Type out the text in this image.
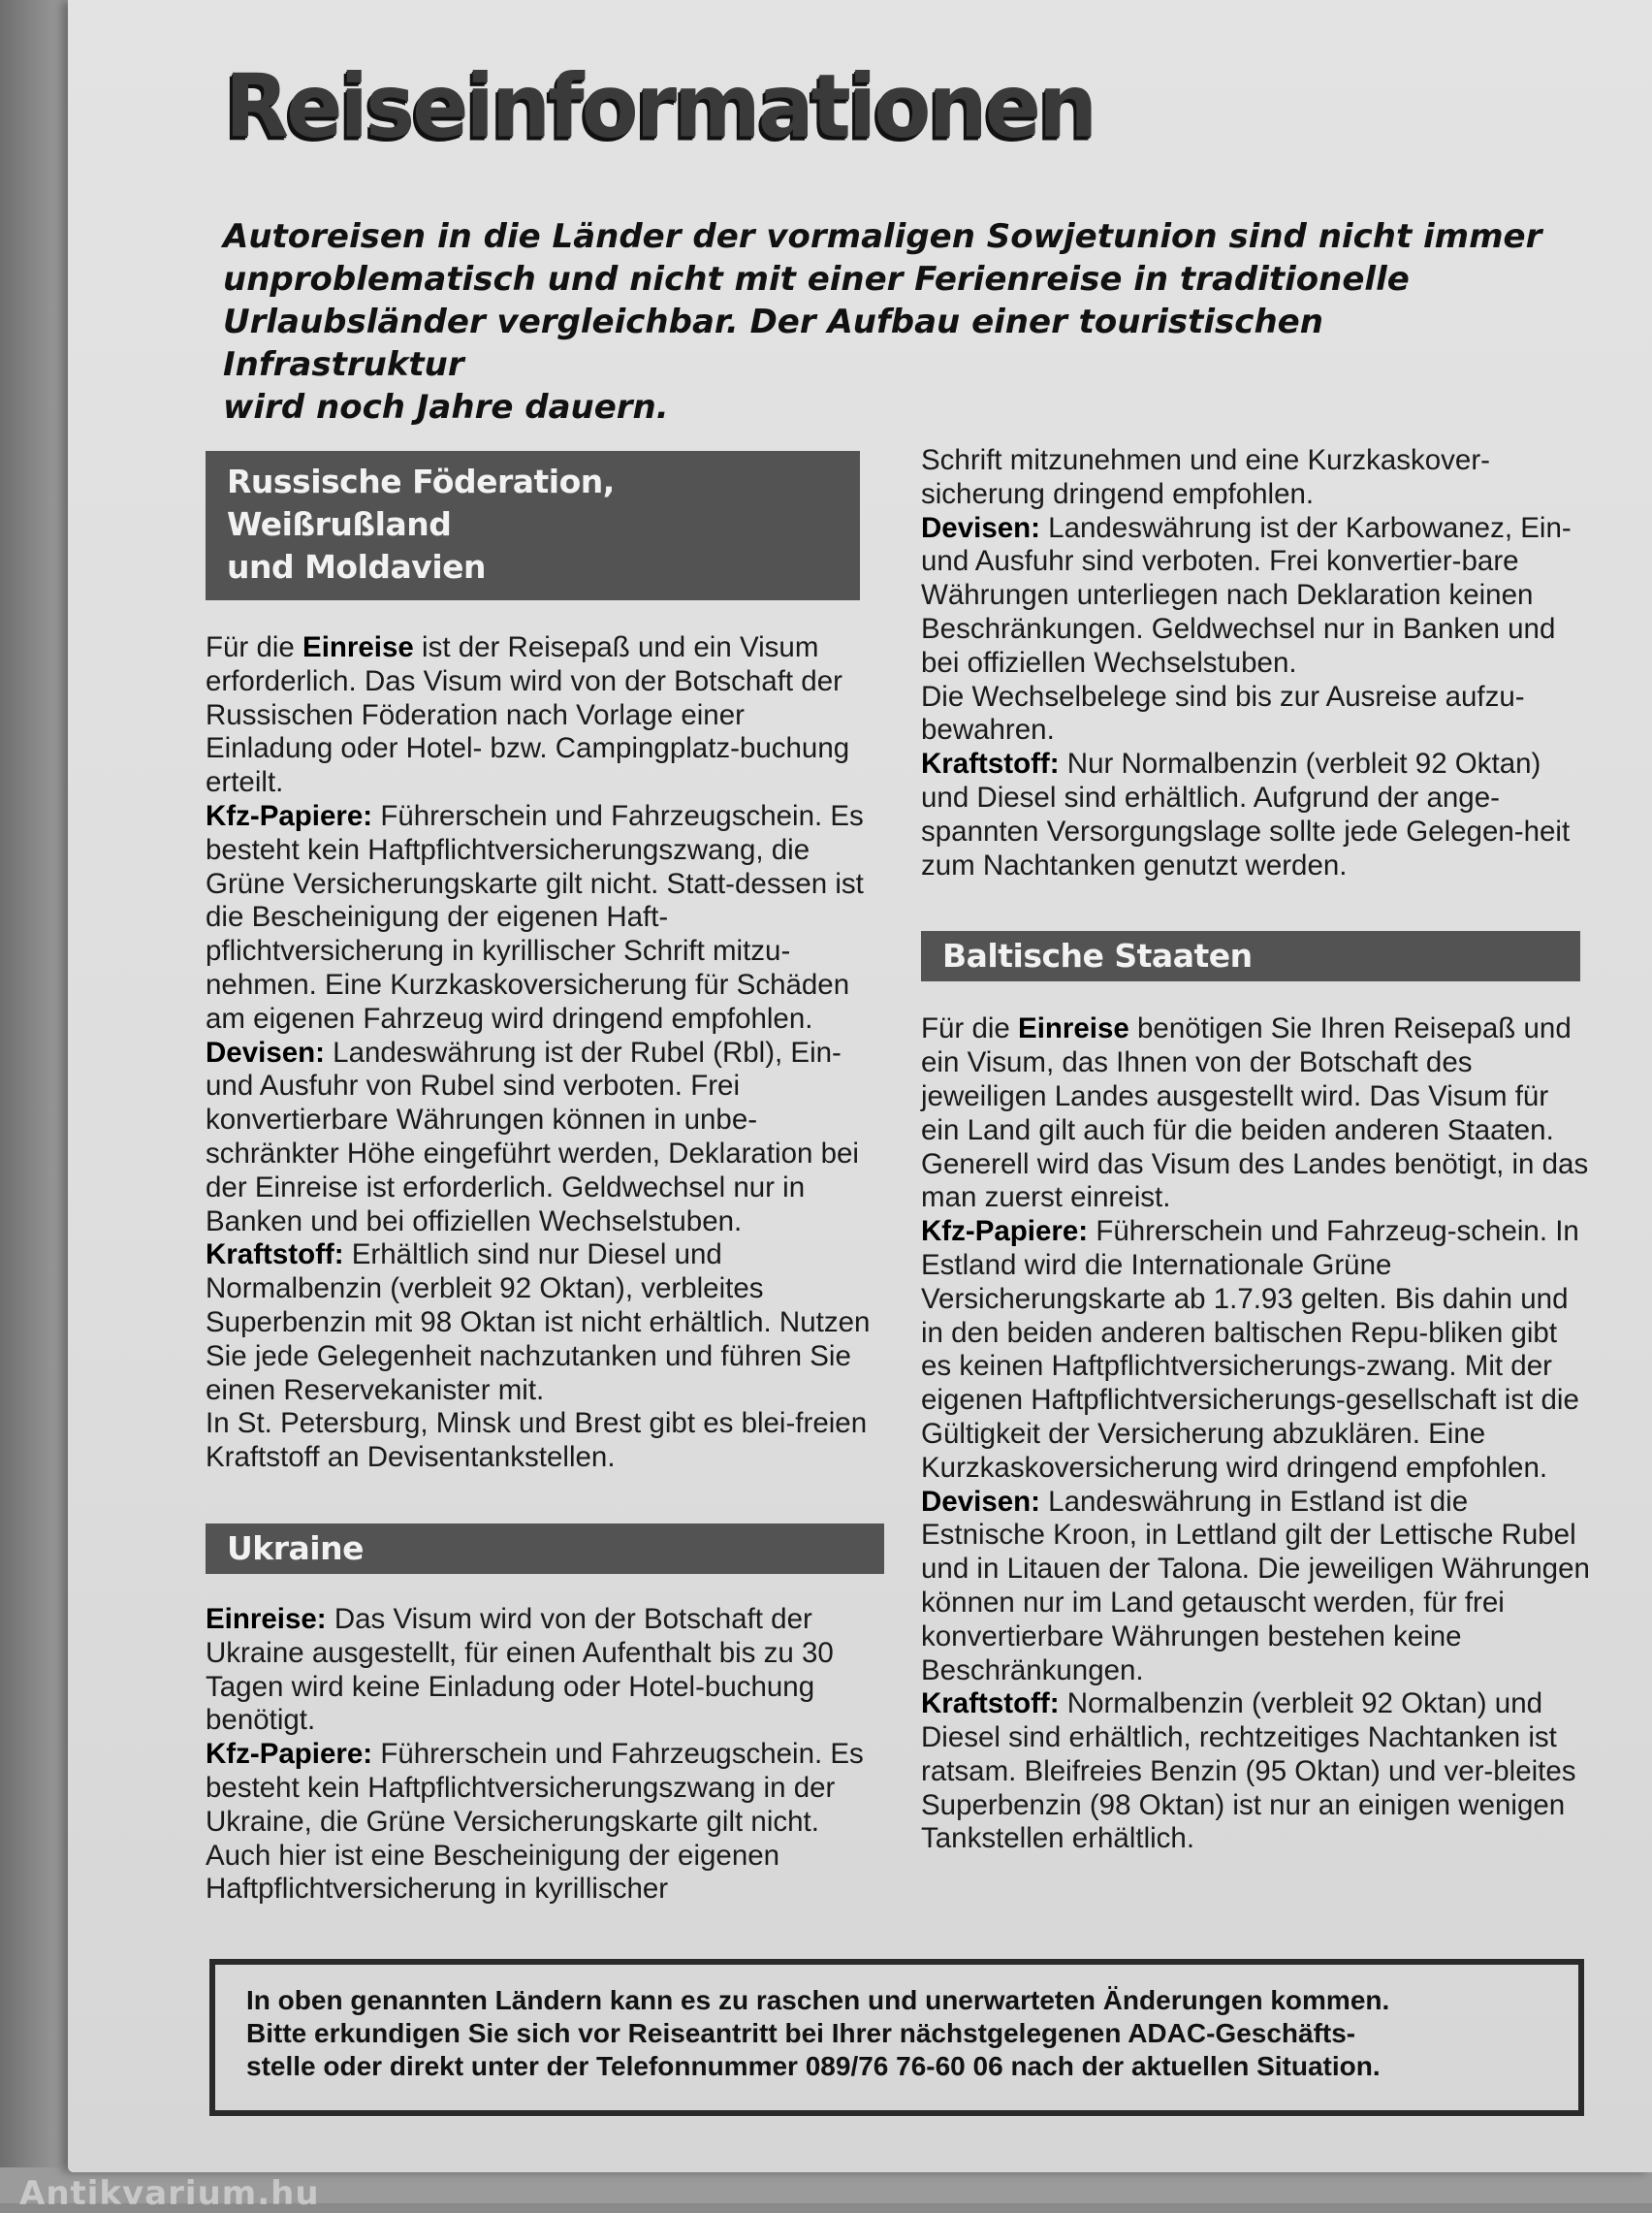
Antikvarium.hu
Reiseinformationen

Autoreisen in die Länder der vormaligen Sowjetunion sind nicht immer
unproblematisch und nicht mit einer Ferienreise in traditionelle
Urlaubsländer vergleichbar. Der Aufbau einer touristischen Infrastruktur
wird noch Jahre dauern.

Russische Föderation, Weißrußland
und Moldavien

Für die Einreise ist der Reisepaß und ein Visum erforderlich. Das Visum wird von der Botschaft der Russischen Föderation nach Vorlage einer Einladung oder Hotel- bzw. Campingplatz-buchung erteilt.
Kfz-Papiere: Führerschein und Fahrzeugschein. Es besteht kein Haftpflichtversicherungszwang, die Grüne Versicherungskarte gilt nicht. Statt-dessen ist die Bescheinigung der eigenen Haft-pflichtversicherung in kyrillischer Schrift mitzu-nehmen. Eine Kurzkaskoversicherung für Schäden am eigenen Fahrzeug wird dringend empfohlen.
Devisen: Landeswährung ist der Rubel (Rbl), Ein- und Ausfuhr von Rubel sind verboten. Frei konvertierbare Währungen können in unbe-schränkter Höhe eingeführt werden, Deklaration bei der Einreise ist erforderlich. Geldwechsel nur in Banken und bei offiziellen Wechselstuben.
Kraftstoff: Erhältlich sind nur Diesel und Normalbenzin (verbleit 92 Oktan), verbleites Superbenzin mit 98 Oktan ist nicht erhältlich. Nutzen Sie jede Gelegenheit nachzutanken und führen Sie einen Reservekanister mit.
In St. Petersburg, Minsk und Brest gibt es blei-freien Kraftstoff an Devisentankstellen.

Ukraine

Einreise: Das Visum wird von der Botschaft der Ukraine ausgestellt, für einen Aufenthalt bis zu 30 Tagen wird keine Einladung oder Hotel-buchung benötigt.
Kfz-Papiere: Führerschein und Fahrzeugschein. Es besteht kein Haftpflichtversicherungszwang in der Ukraine, die Grüne Versicherungskarte gilt nicht. Auch hier ist eine Bescheinigung der eigenen Haftpflichtversicherung in kyrillischer

Schrift mitzunehmen und eine Kurzkaskover-sicherung dringend empfohlen.
Devisen: Landeswährung ist der Karbowanez, Ein- und Ausfuhr sind verboten. Frei konvertier-bare Währungen unterliegen nach Deklaration keinen Beschränkungen. Geldwechsel nur in Banken und bei offiziellen Wechselstuben.
Die Wechselbelege sind bis zur Ausreise aufzu-bewahren.
Kraftstoff: Nur Normalbenzin (verbleit 92 Oktan) und Diesel sind erhältlich. Aufgrund der ange-spannten Versorgungslage sollte jede Gelegen-heit zum Nachtanken genutzt werden.

Baltische Staaten

Für die Einreise benötigen Sie Ihren Reisepaß und ein Visum, das Ihnen von der Botschaft des jeweiligen Landes ausgestellt wird. Das Visum für ein Land gilt auch für die beiden anderen Staaten. Generell wird das Visum des Landes benötigt, in das man zuerst einreist.
Kfz-Papiere: Führerschein und Fahrzeug-schein. In Estland wird die Internationale Grüne Versicherungskarte ab 1.7.93 gelten. Bis dahin und in den beiden anderen baltischen Repu-bliken gibt es keinen Haftpflichtversicherungs-zwang. Mit der eigenen Haftpflichtversicherungs-gesellschaft ist die Gültigkeit der Versicherung abzuklären. Eine Kurzkaskoversicherung wird dringend empfohlen.
Devisen: Landeswährung in Estland ist die Estnische Kroon, in Lettland gilt der Lettische Rubel und in Litauen der Talona. Die jeweiligen Währungen können nur im Land getauscht werden, für frei konvertierbare Währungen bestehen keine Beschränkungen.
Kraftstoff: Normalbenzin (verbleit 92 Oktan) und Diesel sind erhältlich, rechtzeitiges Nachtanken ist ratsam. Bleifreies Benzin (95 Oktan) und ver-bleites Superbenzin (98 Oktan) ist nur an einigen wenigen Tankstellen erhältlich.

In oben genannten Ländern kann es zu raschen und unerwarteten Änderungen kommen.

Bitte erkundigen Sie sich vor Reiseantritt bei Ihrer nächstgelegenen ADAC-Geschäfts-

stelle oder direkt unter der Telefonnummer 089/76 76-60 06 nach der aktuellen Situation.
